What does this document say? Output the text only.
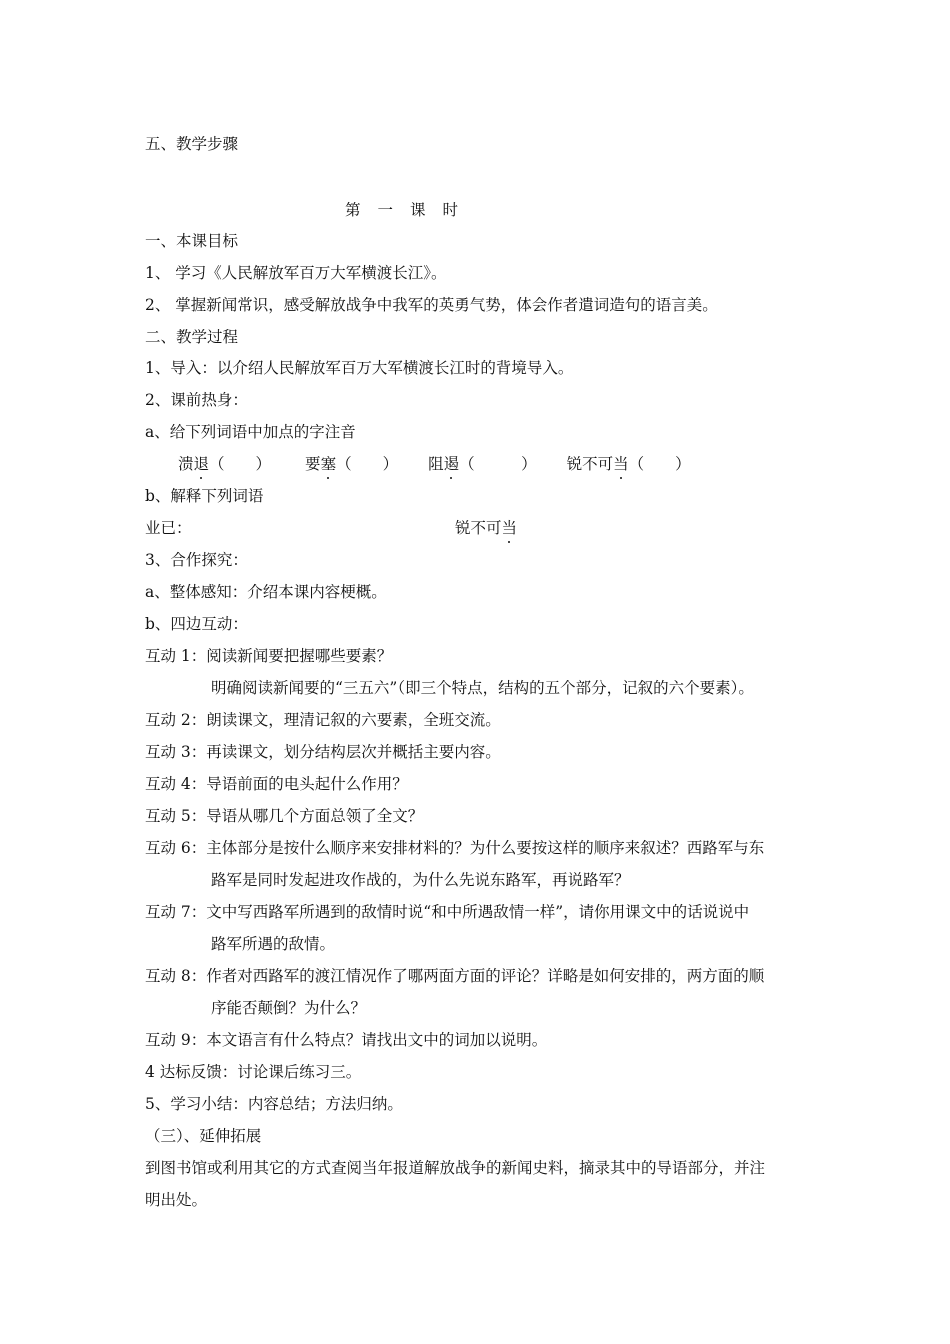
五、教学步骤
第 一 课 时
一、本课目标
1、 学习《人民解放军百万大军横渡长江》。
2、 掌握新闻常识，感受解放战争中我军的英勇气势，体会作者遣词造句的语言美。
二、教学过程
1、导入：以介绍人民解放军百万大军横渡长江时的背境导入。
2、课前热身：
a、给下列词语中加点的字注音
溃退（　　） 要塞（　　） 阻遏（　　　） 锐不可当（　　）
b、解释下列词语
业已：	锐不可当
3、合作探究：
a、整体感知：介绍本课内容梗概。
b、四边互动：
互动 1：阅读新闻要把握哪些要素？
明确阅读新闻要的“三五六”（即三个特点，结构的五个部分，记叙的六个要素）。
互动 2：朗读课文，理清记叙的六要素，全班交流。
互动 3：再读课文，划分结构层次并概括主要内容。
互动 4：导语前面的电头起什么作用？
互动 5：导语从哪几个方面总领了全文？
互动 6：主体部分是按什么顺序来安排材料的？为什么要按这样的顺序来叙述？西路军与东
路军是同时发起进攻作战的，为什么先说东路军，再说路军？
互动 7：文中写西路军所遇到的敌情时说“和中所遇敌情一样”，请你用课文中的话说说中
路军所遇的敌情。
互动 8：作者对西路军的渡江情况作了哪两面方面的评论？详略是如何安排的，两方面的顺
序能否颠倒？为什么？
互动 9：本文语言有什么特点？请找出文中的词加以说明。
4 达标反馈：讨论课后练习三。
5、学习小结：内容总结；方法归纳。
（三）、延伸拓展
到图书馆或利用其它的方式查阅当年报道解放战争的新闻史料，摘录其中的导语部分，并注
明出处。
